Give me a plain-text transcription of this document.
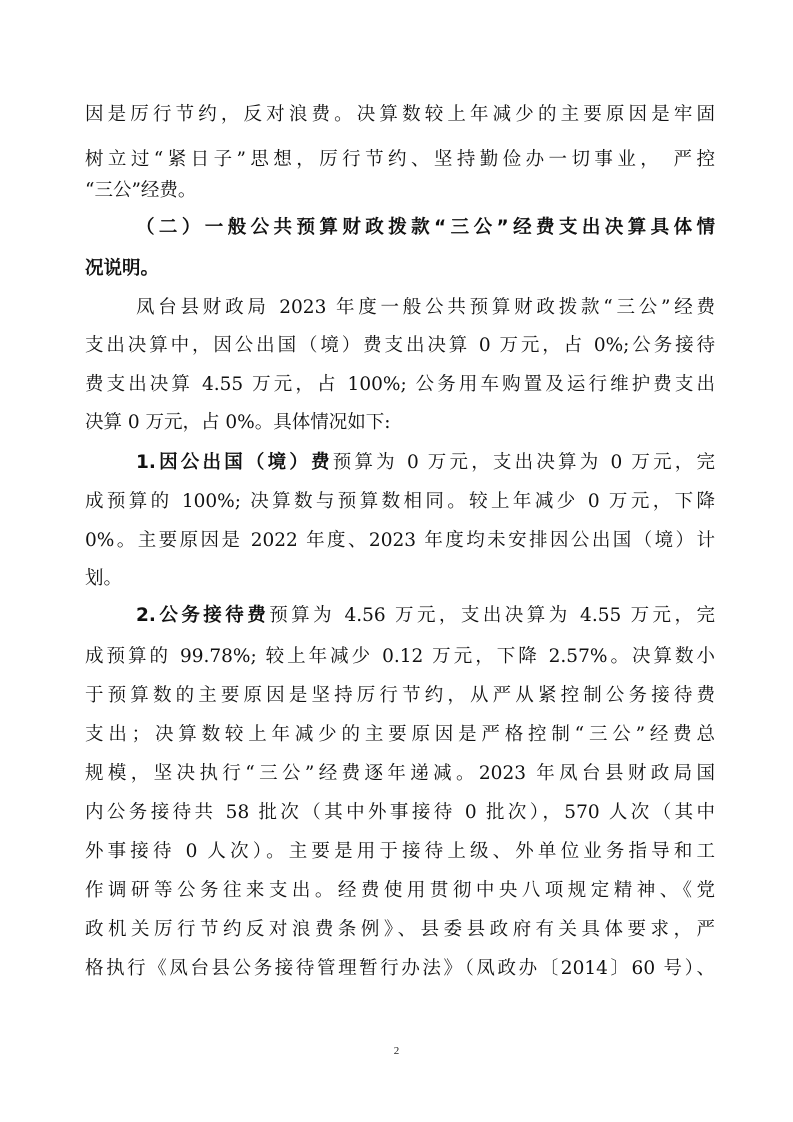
因是厉行节约，反对浪费。决算数较上年减少的主要原因是牢固
树立过“紧日子”思想，厉行节约、坚持勤俭办一切事业， 严控
“三公”经费。
（二）一般公共预算财政拨款“三公”经费支出决算具体情
况说明。
凤台县财政局 2023 年度一般公共预算财政拨款“三公”经费
支出决算中，因公出国（境）费支出决算 0 万元，占 0%;公务接待
费支出决算 4.55 万元，占 100%; 公务用车购置及运行维护费支出
决算 0 万元，占 0%。具体情况如下:
1.因公出国（境）费预算为 0 万元，支出决算为 0 万元，完
成预算的 100%; 决算数与预算数相同。较上年减少 0 万元，下降
0%。主要原因是 2022 年度、2023 年度均未安排因公出国（境）计
划。
2.公务接待费预算为 4.56 万元，支出决算为 4.55 万元，完
成预算的 99.78%; 较上年减少 0.12 万元，下降 2.57%。决算数小
于预算数的主要原因是坚持厉行节约，从严从紧控制公务接待费
支出；决算数较上年减少的主要原因是严格控制“三公”经费总
规模，坚决执行“三公”经费逐年递减。2023 年凤台县财政局国
内公务接待共 58 批次（其中外事接待 0 批次），570 人次（其中
外事接待 0 人次）。主要是用于接待上级、外单位业务指导和工
作调研等公务往来支出。经费使用贯彻中央八项规定精神、《党
政机关厉行节约反对浪费条例》、县委县政府有关具体要求，严
格执行《凤台县公务接待管理暂行办法》（凤政办〔2014〕60 号）、
2
